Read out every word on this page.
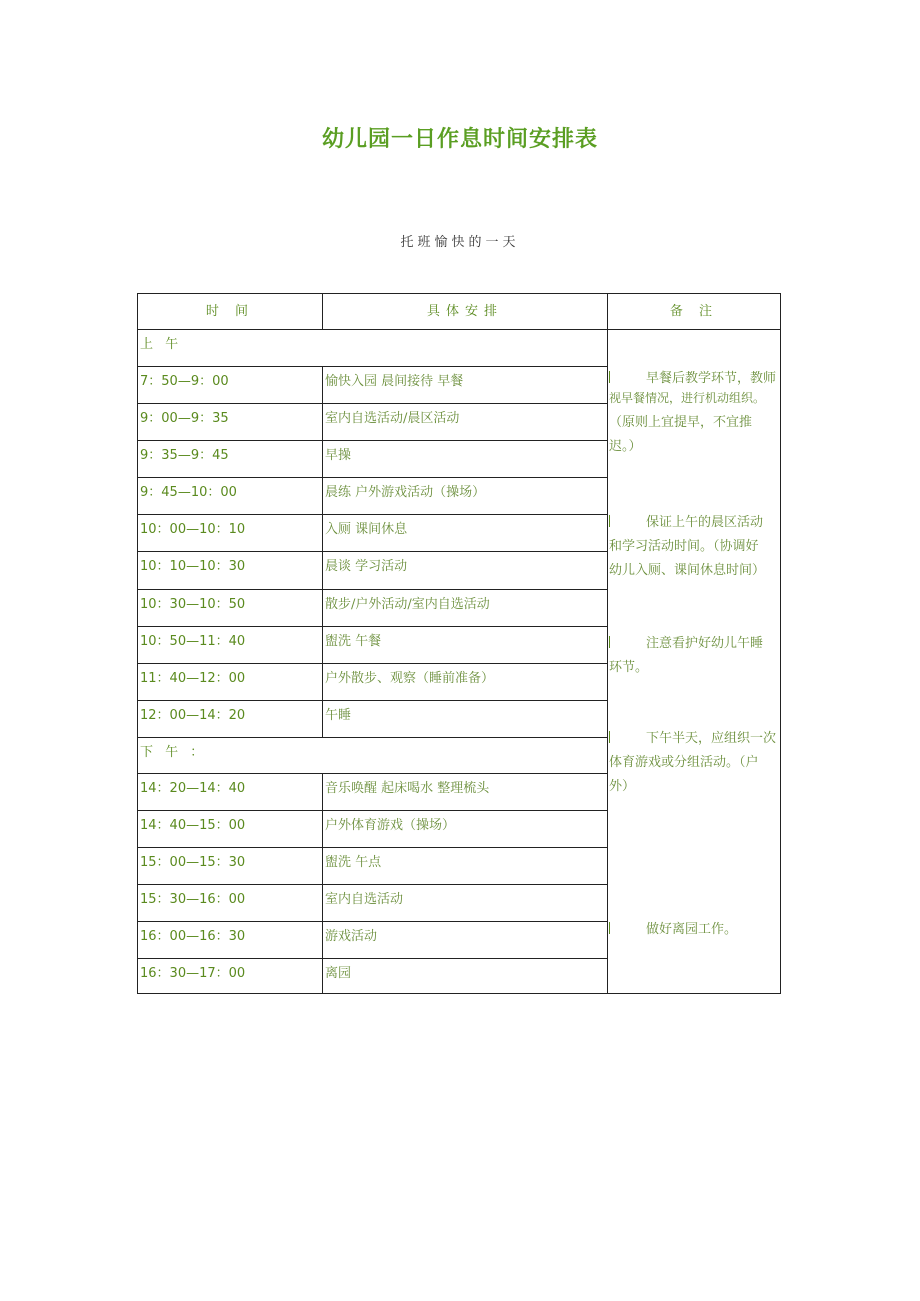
幼儿园一日作息时间安排表
托班愉快的一天
时 间	具体安排	备 注
上 午
7：50—9：00	愉快入园 晨间接待 早餐
9：00—9：35	室内自选活动/晨区活动
9：35—9：45	早操
9：45—10：00	晨练 户外游戏活动（操场）
10：00—10：10	入厕 课间休息
10：10—10：30	晨谈 学习活动
10：30—10：50	散步/户外活动/室内自选活动
10：50—11：40	盥洗 午餐
11：40—12：00	户外散步、观察（睡前准备）
12：00—14：20	午睡
下 午 ：
14：20—14：40	音乐唤醒 起床喝水 整理梳头
14：40—15：00	户外体育游戏（操场）
15：00—15：30	盥洗 午点
15：30—16：00	室内自选活动
16：00—16：30	游戏活动
16：30—17：00	离园
早餐后教学环节，教师
视早餐情况，进行机动组织。
（原则上宜提早，不宜推
迟。）
保证上午的晨区活动
和学习活动时间。（协调好
幼儿入厕、课间休息时间）
注意看护好幼儿午睡
环节。
下午半天，应组织一次
体育游戏或分组活动。（户
外）
做好离园工作。
